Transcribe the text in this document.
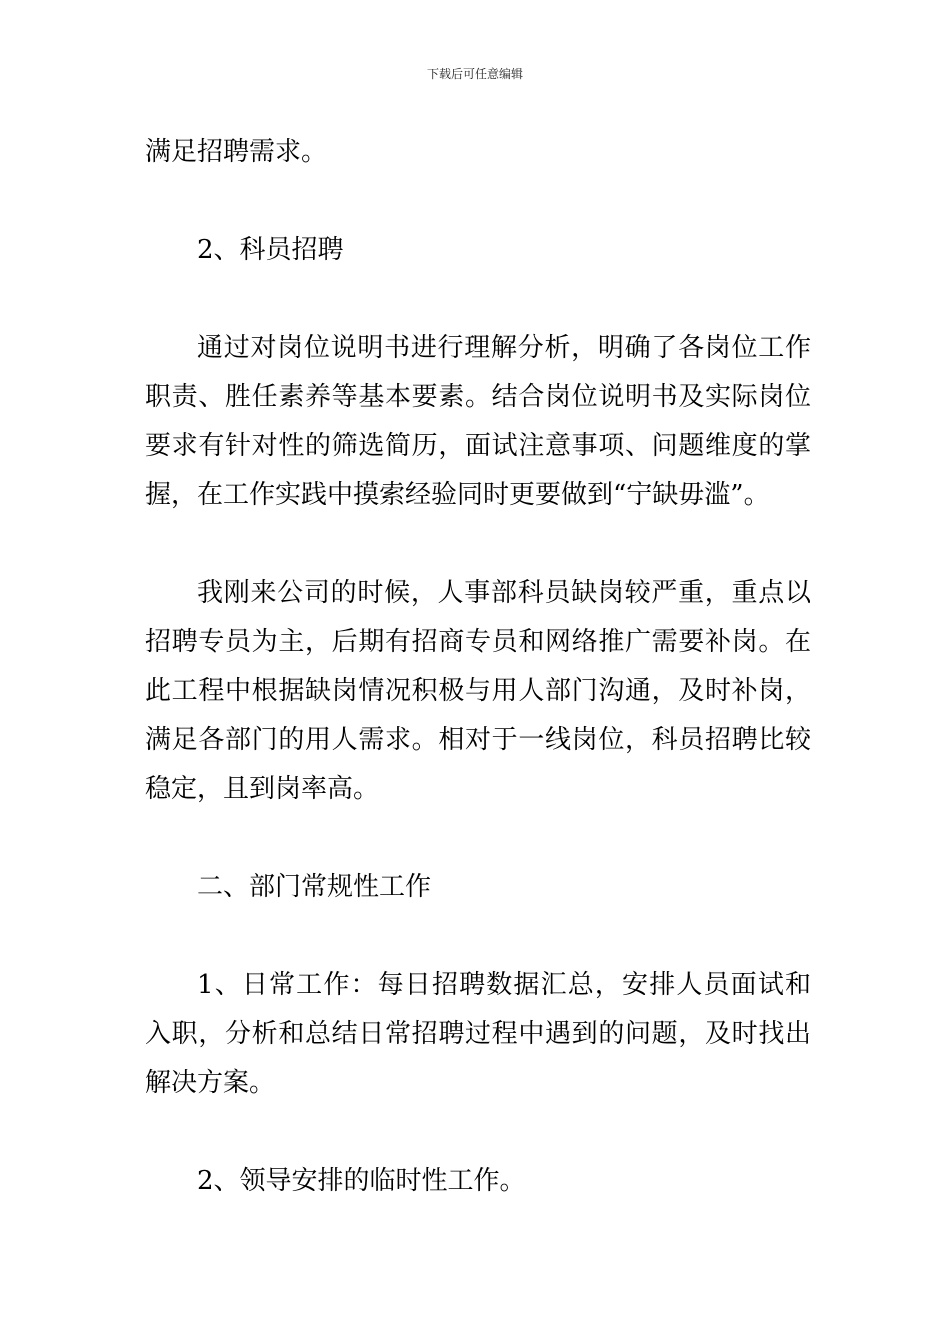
下载后可任意编辑

满足招聘需求。

2、科员招聘

通过对岗位说明书进行理解分析，明确了各岗位工作职责、胜任素养等基本要素。结合岗位说明书及实际岗位要求有针对性的筛选简历，面试注意事项、问题维度的掌握，在工作实践中摸索经验同时更要做到“宁缺毋滥”。

我刚来公司的时候，人事部科员缺岗较严重，重点以招聘专员为主，后期有招商专员和网络推广需要补岗。在此工程中根据缺岗情况积极与用人部门沟通，及时补岗，满足各部门的用人需求。相对于一线岗位，科员招聘比较稳定，且到岗率高。

二、部门常规性工作

1、日常工作：每日招聘数据汇总，安排人员面试和入职，分析和总结日常招聘过程中遇到的问题，及时找出解决方案。

2、领导安排的临时性工作。
